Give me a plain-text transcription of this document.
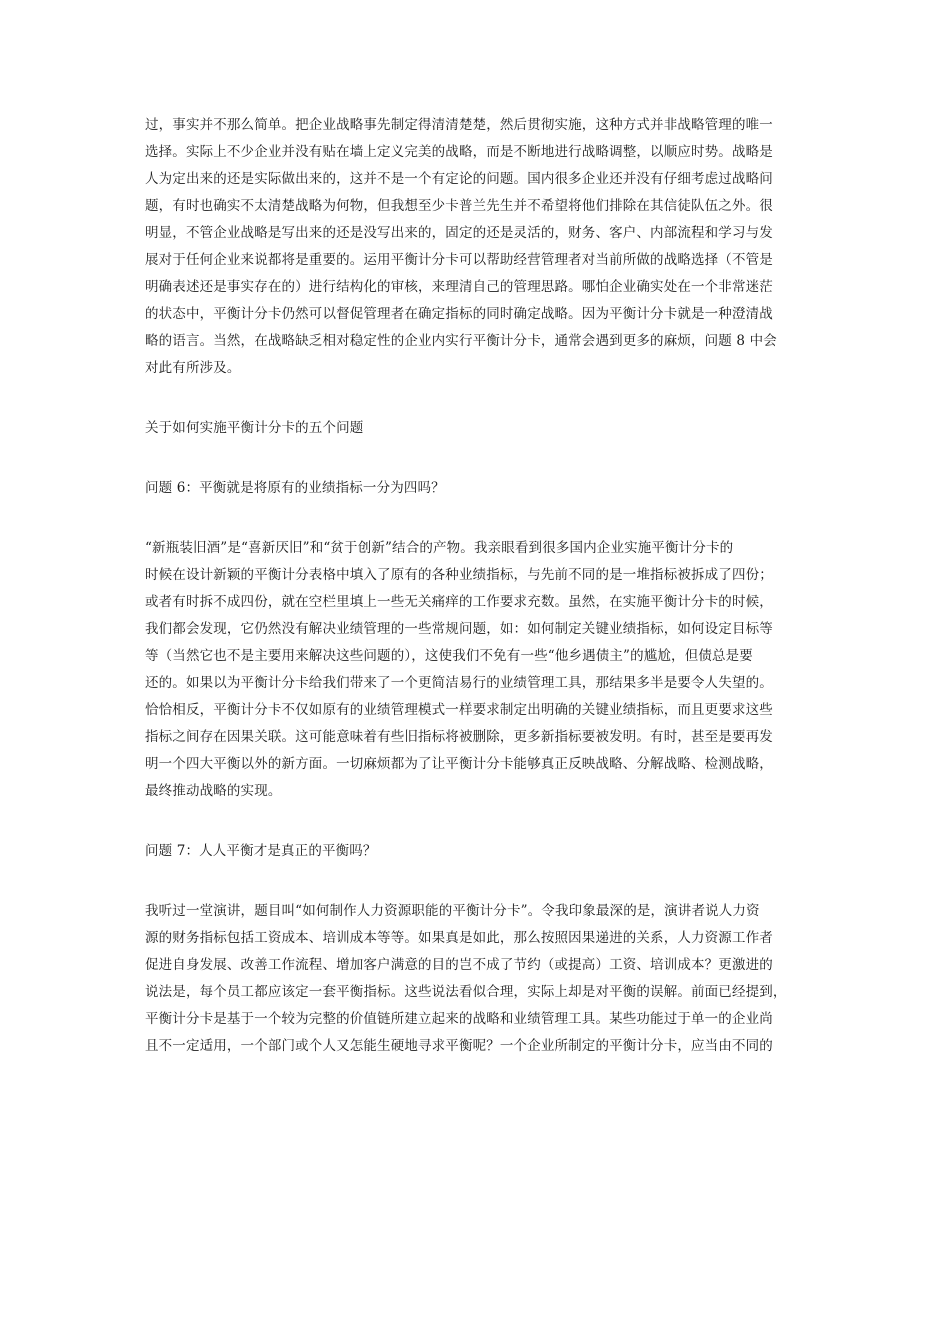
过，事实并不那么简单。把企业战略事先制定得清清楚楚，然后贯彻实施，这种方式并非战略管理的唯一
选择。实际上不少企业并没有贴在墙上定义完美的战略，而是不断地进行战略调整，以顺应时势。战略是
人为定出来的还是实际做出来的，这并不是一个有定论的问题。国内很多企业还并没有仔细考虑过战略问
题，有时也确实不太清楚战略为何物，但我想至少卡普兰先生并不希望将他们排除在其信徒队伍之外。很
明显，不管企业战略是写出来的还是没写出来的，固定的还是灵活的，财务、客户、内部流程和学习与发
展对于任何企业来说都将是重要的。运用平衡计分卡可以帮助经营管理者对当前所做的战略选择（不管是
明确表述还是事实存在的）进行结构化的审核，来理清自己的管理思路。哪怕企业确实处在一个非常迷茫
的状态中，平衡计分卡仍然可以督促管理者在确定指标的同时确定战略。因为平衡计分卡就是一种澄清战
略的语言。当然，在战略缺乏相对稳定性的企业内实行平衡计分卡，通常会遇到更多的麻烦，问题 8 中会
对此有所涉及。
关于如何实施平衡计分卡的五个问题
问题 6：平衡就是将原有的业绩指标一分为四吗？
“新瓶装旧酒”是“喜新厌旧”和“贫于创新”结合的产物。我亲眼看到很多国内企业实施平衡计分卡的
时候在设计新颖的平衡计分表格中填入了原有的各种业绩指标，与先前不同的是一堆指标被拆成了四份；
或者有时拆不成四份，就在空栏里填上一些无关痛痒的工作要求充数。虽然，在实施平衡计分卡的时候，
我们都会发现，它仍然没有解决业绩管理的一些常规问题，如：如何制定关键业绩指标，如何设定目标等
等（当然它也不是主要用来解决这些问题的），这使我们不免有一些“他乡遇债主”的尴尬，但债总是要
还的。如果以为平衡计分卡给我们带来了一个更简洁易行的业绩管理工具，那结果多半是要令人失望的。
恰恰相反，平衡计分卡不仅如原有的业绩管理模式一样要求制定出明确的关键业绩指标，而且更要求这些
指标之间存在因果关联。这可能意味着有些旧指标将被删除，更多新指标要被发明。有时，甚至是要再发
明一个四大平衡以外的新方面。一切麻烦都为了让平衡计分卡能够真正反映战略、分解战略、检测战略，
最终推动战略的实现。
问题 7：人人平衡才是真正的平衡吗？
我听过一堂演讲，题目叫“如何制作人力资源职能的平衡计分卡”。令我印象最深的是，演讲者说人力资
源的财务指标包括工资成本、培训成本等等。如果真是如此，那么按照因果递进的关系，人力资源工作者
促进自身发展、改善工作流程、增加客户满意的目的岂不成了节约（或提高）工资、培训成本？更激进的
说法是，每个员工都应该定一套平衡指标。这些说法看似合理，实际上却是对平衡的误解。前面已经提到，
平衡计分卡是基于一个较为完整的价值链所建立起来的战略和业绩管理工具。某些功能过于单一的企业尚
且不一定适用，一个部门或个人又怎能生硬地寻求平衡呢？一个企业所制定的平衡计分卡，应当由不同的
